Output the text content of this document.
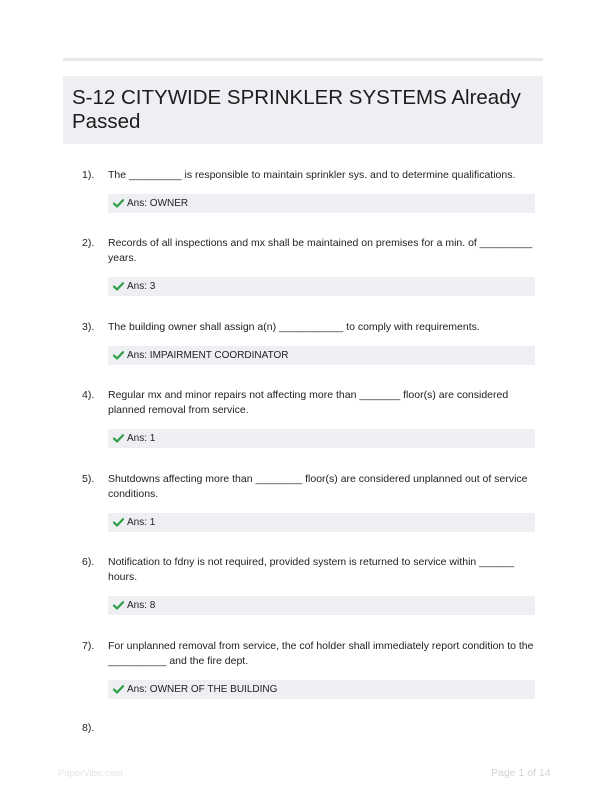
S-12 CITYWIDE SPRINKLER SYSTEMS Already Passed
1). The _________ is responsible to maintain sprinkler sys. and to determine qualifications.

Ans: OWNER
2). Records of all inspections and mx shall be maintained on premises for a min. of _________ years.

Ans: 3
3). The building owner shall assign a(n) ___________ to comply with requirements.

Ans: IMPAIRMENT COORDINATOR
4). Regular mx and minor repairs not affecting more than _______ floor(s) are considered planned removal from service.

Ans: 1
5). Shutdowns affecting more than ________ floor(s) are considered unplanned out of service conditions.

Ans: 1
6). Notification to fdny is not required, provided system is returned to service within ______ hours.

Ans: 8
7). For unplanned removal from service, the cof holder shall immediately report condition to the __________ and the fire dept.

Ans: OWNER OF THE BUILDING
8).
PaperVibe.com	Page 1 of 14
